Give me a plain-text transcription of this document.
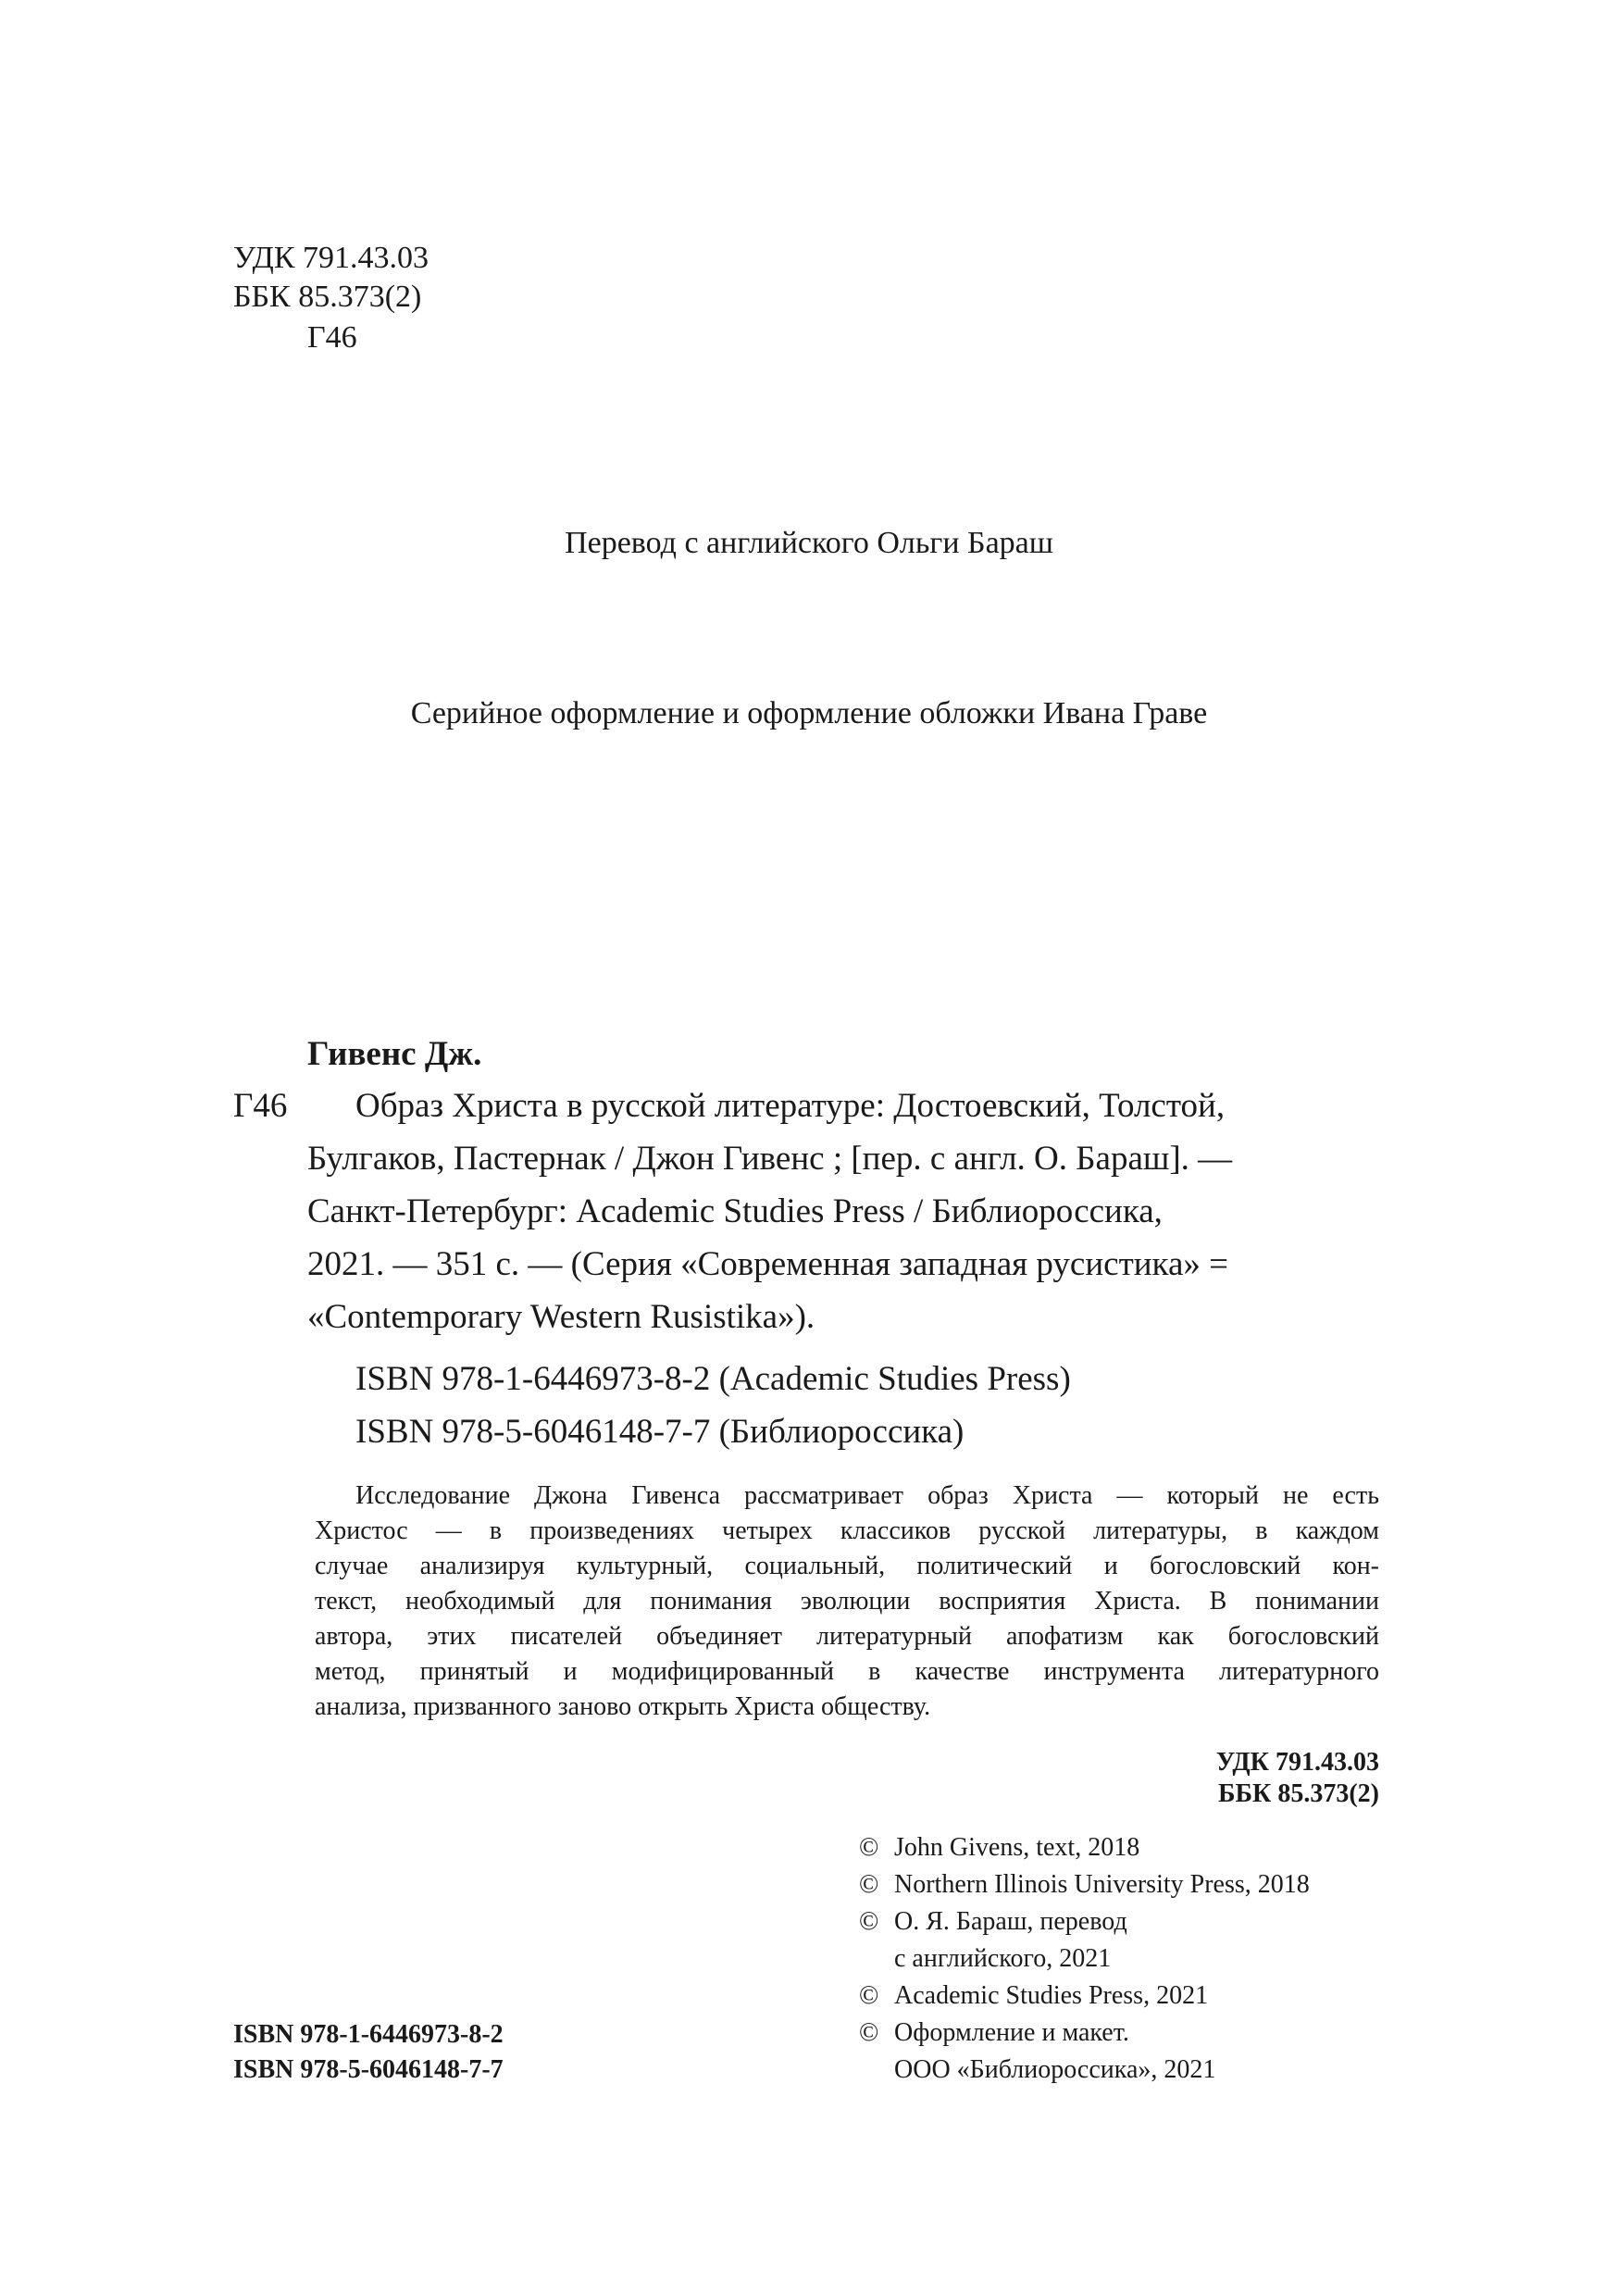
УДК 791.43.03
ББК 85.373(2)
Г46
Перевод с английского Ольги Бараш
Серийное оформление и оформление обложки Ивана Граве
Гивенс Дж.
Г46 Образ Христа в русской литературе: Достоевский, Толстой,
Булгаков, Пастернак / Джон Гивенс ; [пер. с англ. О. Бараш]. —
Санкт-Петербург: Academic Studies Press / Библиороссика,
2021. — 351 с. — (Серия «Современная западная русистика» =
«Contemporary Western Rusistika»).
ISBN 978-1-6446973-8-2 (Academic Studies Press)
ISBN 978-5-6046148-7-7 (Библиороссика)
Исследование Джона Гивенса рассматривает образ Христа — который не есть
Христос — в произведениях четырех классиков русской литературы, в каждом
случае анализируя культурный, социальный, политический и богословский кон-
текст, необходимый для понимания эволюции восприятия Христа. В понимании
автора, этих писателей объединяет литературный апофатизм как богословский
метод, принятый и модифицированный в качестве инструмента литературного
анализа, призванного заново открыть Христа обществу.
УДК 791.43.03
ББК 85.373(2)
© John Givens, text, 2018
© Northern Illinois University Press, 2018
© О. Я. Бараш, перевод
с английского, 2021
© Academic Studies Press, 2021
© Оформление и макет.
ООО «Библиороссика», 2021
ISBN 978-1-6446973-8-2
ISBN 978-5-6046148-7-7
